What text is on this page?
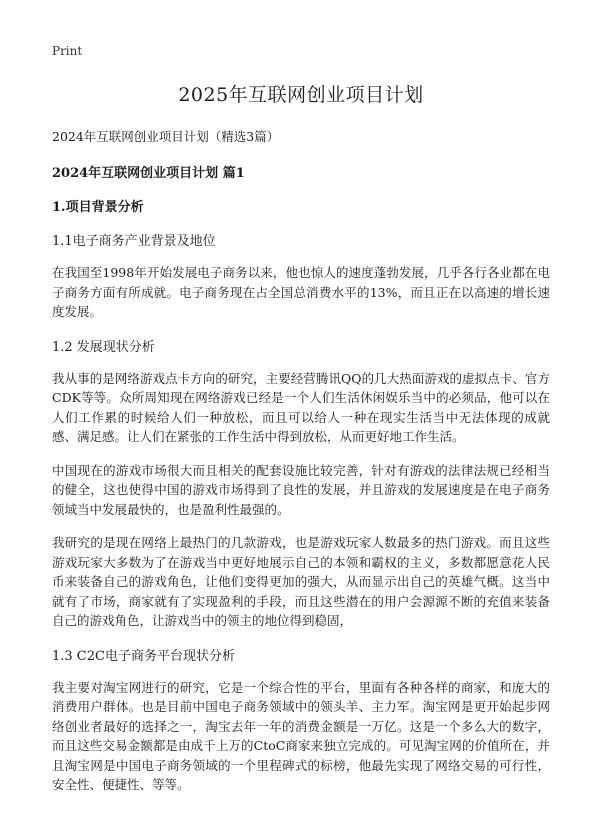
Print
2025年互联网创业项目计划
2024年互联网创业项目计划（精选3篇）
2024年互联网创业项目计划 篇1
1.项目背景分析
1.1电子商务产业背景及地位

在我国至1998年开始发展电子商务以来，他也惊人的速度蓬勃发展，几乎各行各业都在电子商务方面有所成就。电子商务现在占全国总消费水平的13%，而且正在以高速的增长速度发展。

1.2 发展现状分析

我从事的是网络游戏点卡方向的研究，主要经营腾讯QQ的几大热面游戏的虚拟点卡、官方CDK等等。众所周知现在网络游戏已经是一个人们生活休闲娱乐当中的必须品，他可以在人们工作累的时候给人们一种放松，而且可以给人一种在现实生活当中无法体现的成就感、满足感。让人们在紧张的工作生活中得到放松，从而更好地工作生活。

中国现在的游戏市场很大而且相关的配套设施比较完善，针对有游戏的法律法规已经相当的健全，这也使得中国的游戏市场得到了良性的发展，并且游戏的发展速度是在电子商务领域当中发展最快的，也是盈利性最强的。

我研究的是现在网络上最热门的几款游戏，也是游戏玩家人数最多的热门游戏。而且这些游戏玩家大多数为了在游戏当中更好地展示自己的本领和霸权的主义，多数都愿意花人民币来装备自己的游戏角色，让他们变得更加的强大，从而显示出自己的英雄气概。这当中就有了市场，商家就有了实现盈利的手段，而且这些潜在的用户会源源不断的充值来装备自己的游戏角色，让游戏当中的领主的地位得到稳固，

1.3 C2C电子商务平台现状分析

我主要对淘宝网进行的研究，它是一个综合性的平台，里面有各种各样的商家，和庞大的消费用户群体。也是目前中国电子商务领域中的领头羊、主力军。淘宝网是更开始起步网络创业者最好的选择之一，淘宝去年一年的消费金额是一万亿。这是一个多么大的数字，而且这些交易金额都是由成千上万的CtoC商家来独立完成的。可见淘宝网的价值所在，并且淘宝网是中国电子商务领域的一个里程碑式的标榜，他最先实现了网络交易的可行性，安全性、便捷性、等等。
